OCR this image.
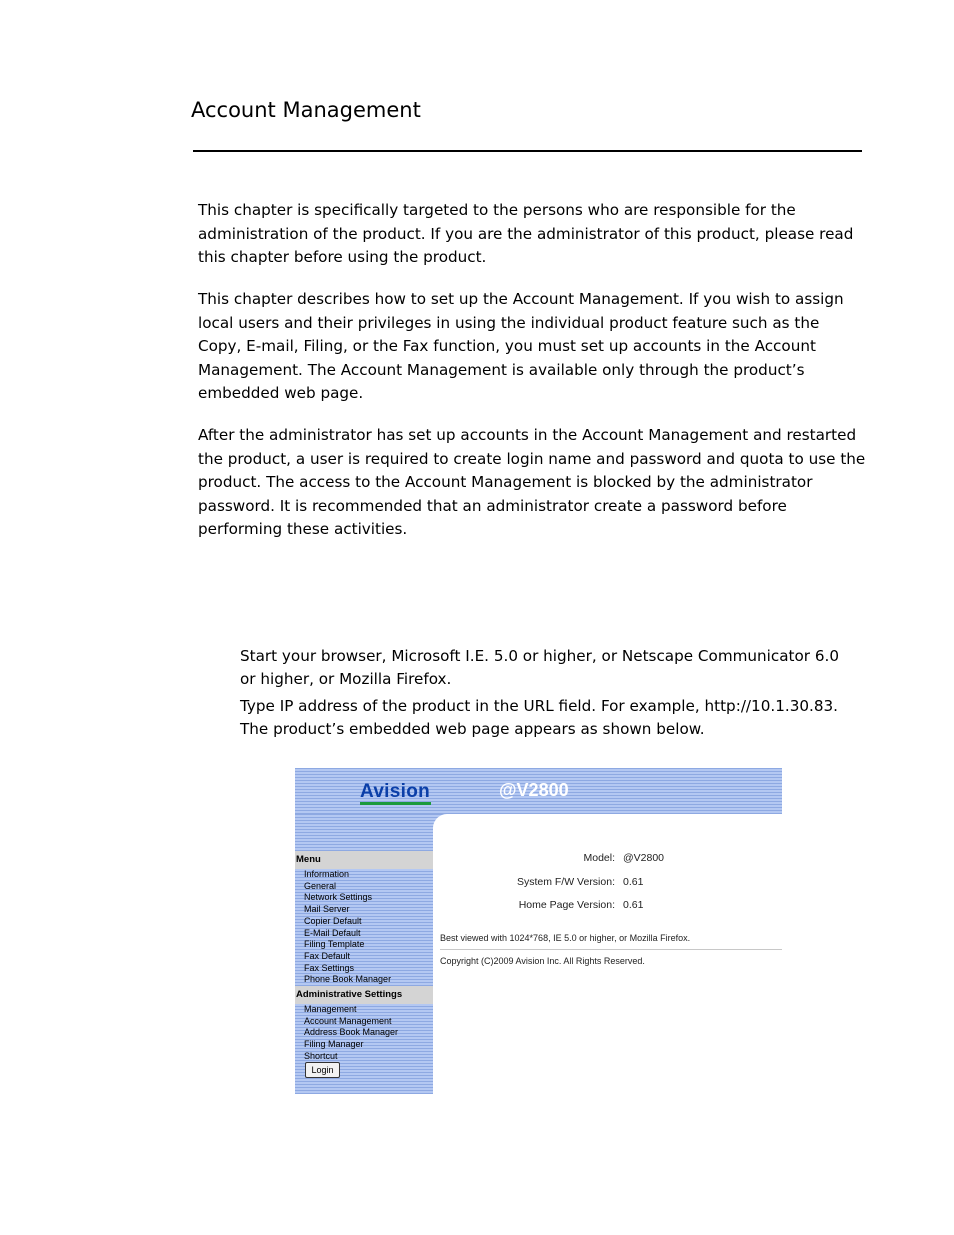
Account Management

This chapter is specifically targeted to the persons who are responsible for the administration of the product. If you are the administrator of this product, please read this chapter before using the product.

This chapter describes how to set up the Account Management. If you wish to assign local users and their privileges in using the individual product feature such as the Copy, E-mail, Filing, or the Fax function, you must set up accounts in the Account Management. The Account Management is available only through the product’s embedded web page.

After the administrator has set up accounts in the Account Management and restarted the product, a user is required to create login name and password and quota to use the product. The access to the Account Management is blocked by the administrator password. It is recommended that an administrator create a password before performing these activities.

Start your browser, Microsoft I.E. 5.0 or higher, or Netscape Communicator 6.0 or higher, or Mozilla Firefox.

Type IP address of the product in the URL field. For example, http://10.1.30.83. The product’s embedded web page appears as shown below.

Avision	@V2800
Menu
Information
General
Network Settings
Mail Server
Copier Default
E-Mail Default
Filing Template
Fax Default
Fax Settings
Phone Book Manager
Administrative Settings
Management
Account Management
Address Book Manager
Filing Manager
Shortcut
Login
Model: @V2800
System F/W Version: 0.61
Home Page Version: 0.61
Best viewed with 1024*768, IE 5.0 or higher, or Mozilla Firefox.
Copyright (C)2009 Avision Inc. All Rights Reserved.
